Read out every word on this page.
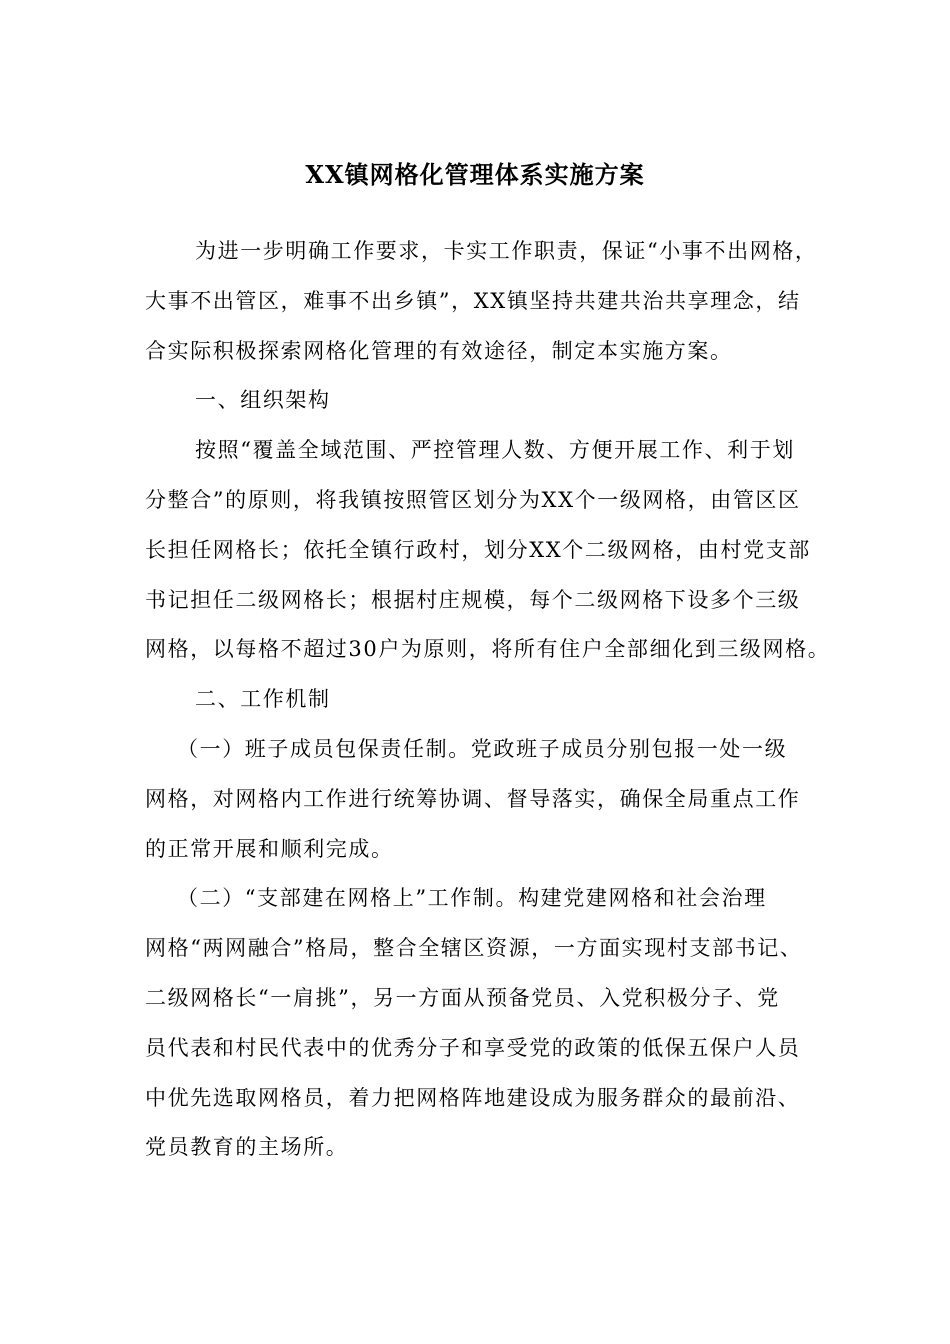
XX镇网格化管理体系实施方案
为进一步明确工作要求，卡实工作职责，保证“小事不出网格，
大事不出管区，难事不出乡镇”，XX镇坚持共建共治共享理念，结
合实际积极探索网格化管理的有效途径，制定本实施方案。
一、组织架构
按照“覆盖全域范围、严控管理人数、方便开展工作、利于划
分整合”的原则，将我镇按照管区划分为XX个一级网格，由管区区
长担任网格长；依托全镇行政村，划分XX个二级网格，由村党支部
书记担任二级网格长；根据村庄规模，每个二级网格下设多个三级
网格，以每格不超过30户为原则，将所有住户全部细化到三级网格。
二、工作机制
（一）班子成员包保责任制。党政班子成员分别包报一处一级
网格，对网格内工作进行统筹协调、督导落实，确保全局重点工作
的正常开展和顺利完成。
（二）“支部建在网格上”工作制。构建党建网格和社会治理
网格“两网融合”格局，整合全辖区资源，一方面实现村支部书记、
二级网格长“一肩挑”，另一方面从预备党员、入党积极分子、党
员代表和村民代表中的优秀分子和享受党的政策的低保五保户人员
中优先选取网格员，着力把网格阵地建设成为服务群众的最前沿、
党员教育的主场所。
